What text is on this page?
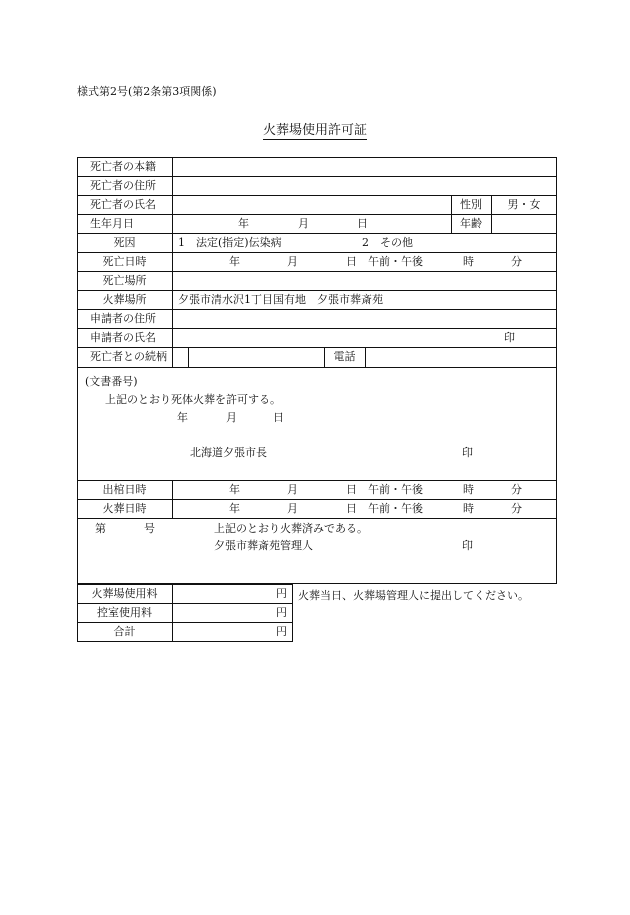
様式第2号(第2条第3項関係)
火葬場使用許可証
死亡者の本籍
死亡者の住所
死亡者の氏名	性別	男・女
生年月日	年	月	日	年齢
死因	1　法定(指定)伝染病	2　その他
死亡日時	年	月	日 午前・午後	時	分
死亡場所
火葬場所	夕張市清水沢1丁目国有地　夕張市葬斎苑
申請者の住所
申請者の氏名	印
死亡者との続柄	電話
(文書番号)
上記のとおり死体火葬を許可する。
年	月	日
北海道夕張市長	印
出棺日時	年	月	日 午前・午後	時	分
火葬日時	年	月	日 午前・午後	時	分
第	号	上記のとおり火葬済みである。
夕張市葬斎苑管理人	印
火葬場使用料	円
控室使用料	円
合計	円
火葬当日、火葬場管理人に提出してください。
